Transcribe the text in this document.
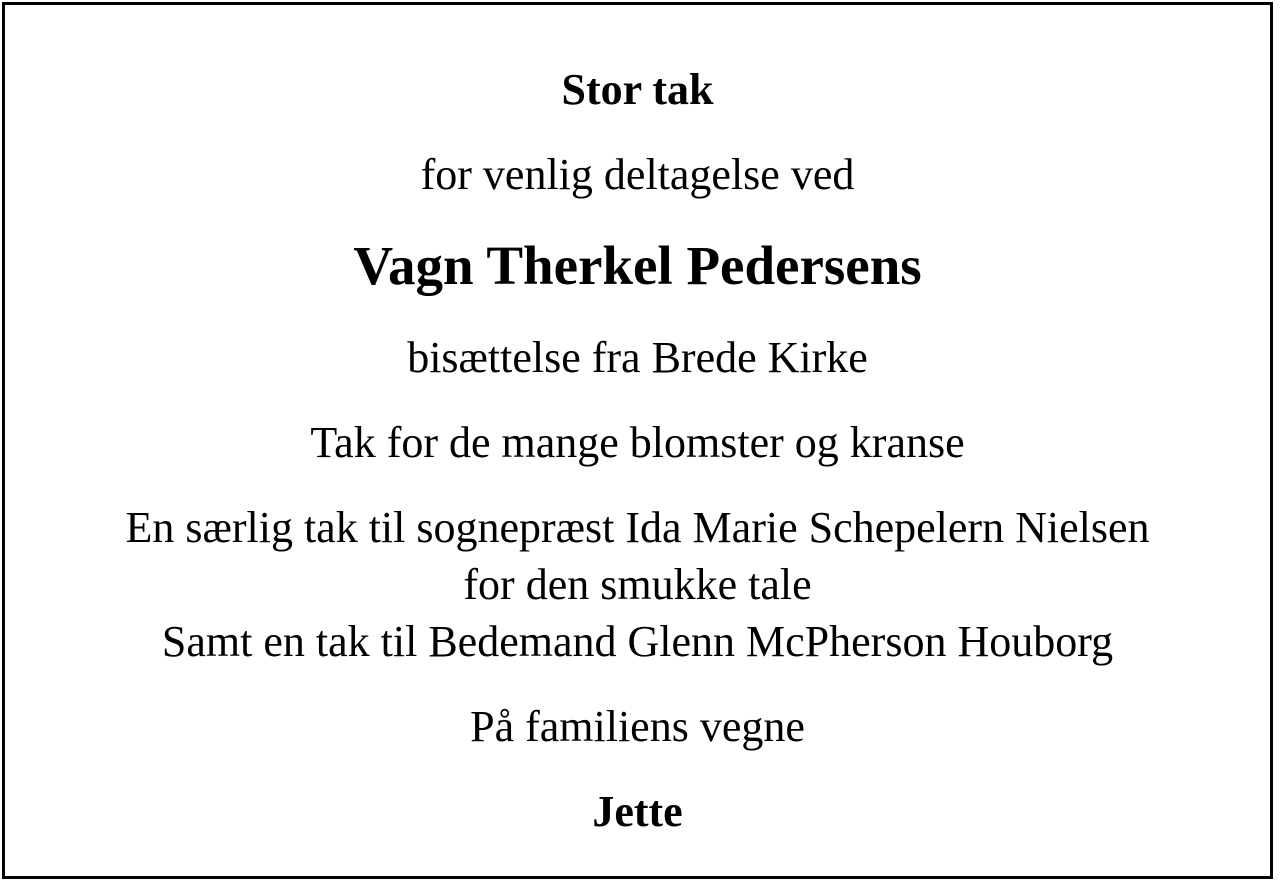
Stor tak

for venlig deltagelse ved

Vagn Therkel Pedersens

bisættelse fra Brede Kirke

Tak for de mange blomster og kranse

En særlig tak til sognepræst Ida Marie Schepelern Nielsen

for den smukke tale

Samt en tak til Bedemand Glenn McPherson Houborg

På familiens vegne

Jette
